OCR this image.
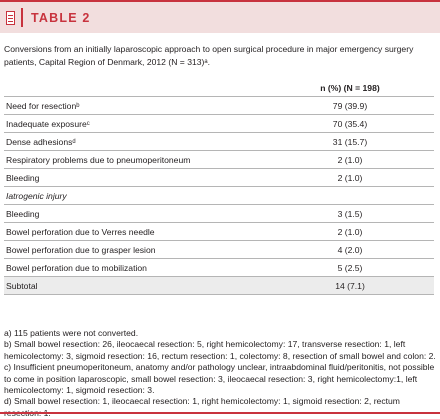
TABLE 2
Conversions from an initially laparoscopic approach to open surgical procedure in major emergency surgery patients, Capital Region of Denmark, 2012 (N = 313)ᵃ.
	n (%) (N = 198)
Need for resectionᵇ	79 (39.9)
Inadequate exposureᶜ	70 (35.4)
Dense adhesionsᵈ	31 (15.7)
Respiratory problems due to pneumoperitoneum	2 (1.0)
Bleeding	2 (1.0)
Iatrogenic injury	
Bleeding	3 (1.5)
Bowel perforation due to Verres needle	2 (1.0)
Bowel perforation due to grasper lesion	4 (2.0)
Bowel perforation due to mobilization	5 (2.5)
Subtotal	14 (7.1)
a) 115 patients were not converted.
b) Small bowel resection: 26, ileocaecal resection: 5, right hemicolectomy: 17, transverse resection: 1, left hemicolectomy: 3, sigmoid resection: 16, rectum resection: 1, colectomy: 8, resection of small bowel and colon: 2.
c) Insufficient pneumoperitoneum, anatomy and/or pathology unclear, intraabdominal fluid/peritonitis, not possible to come in position laparoscopic, small bowel resection: 3, ileocaecal resection: 3, right hemicolectomy:1, left hemicolectomy: 1, sigmoid resection: 3.
d) Small bowel resection: 1, ileocaecal resection: 1, right hemicolectomy: 1, sigmoid resection: 2, rectum
